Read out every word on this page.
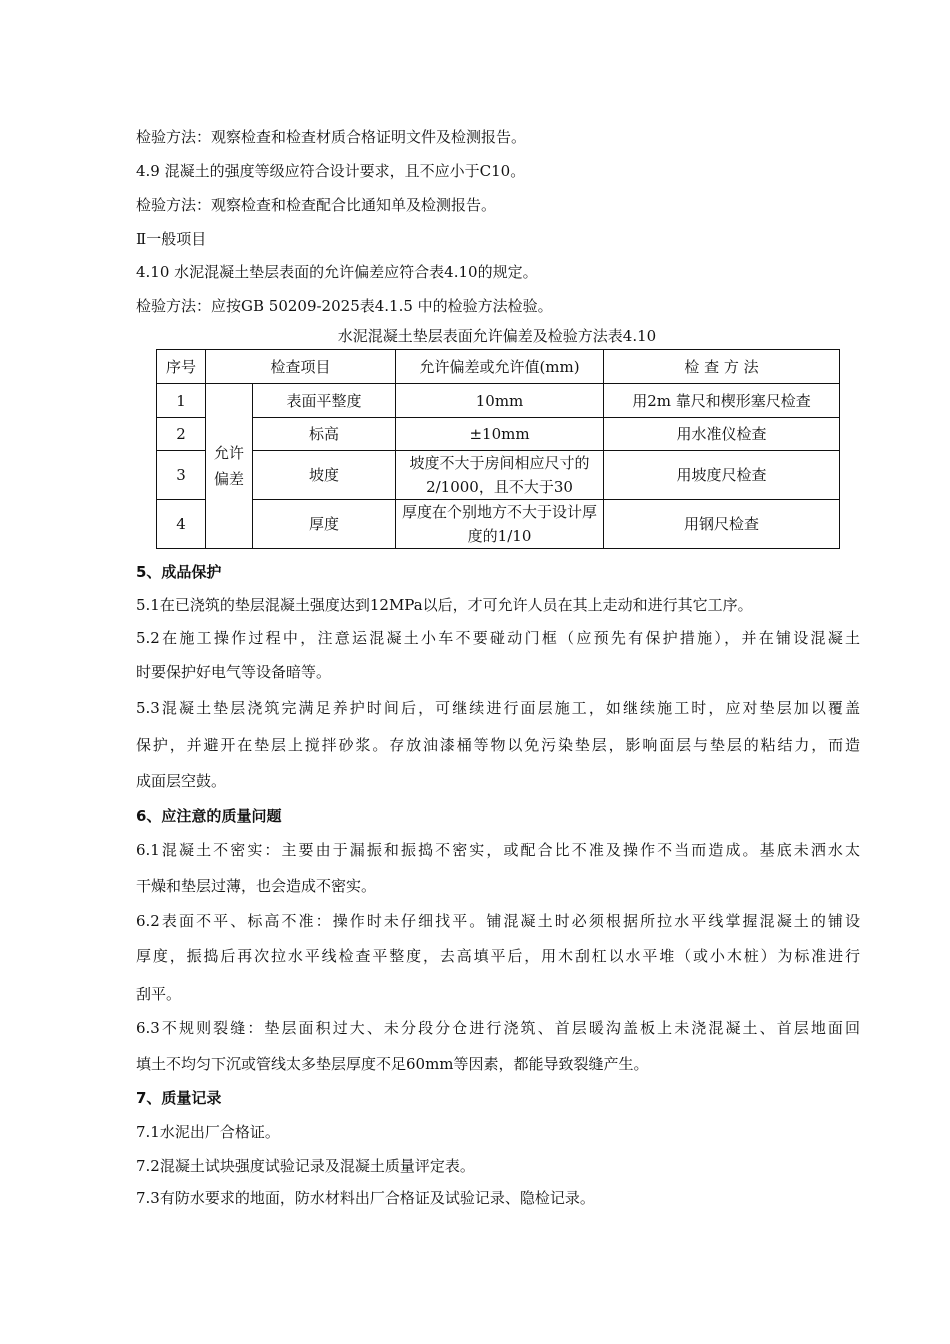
检验方法：观察检查和检查材质合格证明文件及检测报告。
4.9 混凝土的强度等级应符合设计要求，且不应小于C10。
检验方法：观察检查和检查配合比通知单及检测报告。
Ⅱ一般项目
4.10 水泥混凝土垫层表面的允许偏差应符合表4.10的规定。
检验方法：应按GB 50209-2025表4.1.5 中的检验方法检验。
水泥混凝土垫层表面允许偏差及检验方法表4.10
序号	检查项目		允许偏差或允许值(mm)	检 查 方 法
1	允许偏差	表面平整度	10mm	用2m 靠尺和楔形塞尺检查
2		标高	±10mm	用水准仪检查
3		坡度	坡度不大于房间相应尺寸的2/1000，且不大于30	用坡度尺检查
4		厚度	厚度在个别地方不大于设计厚度的1/10	用钢尺检查
5、成品保护
5.1在已浇筑的垫层混凝土强度达到12MPa以后，才可允许人员在其上走动和进行其它工序。
5.2在施工操作过程中，注意运混凝土小车不要碰动门框（应预先有保护措施），并在铺设混凝土
时要保护好电气等设备暗等。
5.3混凝土垫层浇筑完满足养护时间后，可继续进行面层施工，如继续施工时，应对垫层加以覆盖
保护，并避开在垫层上搅拌砂浆。存放油漆桶等物以免污染垫层，影响面层与垫层的粘结力，而造
成面层空鼓。
6、应注意的质量问题
6.1混凝土不密实：主要由于漏振和振捣不密实，或配合比不准及操作不当而造成。基底未洒水太
干燥和垫层过薄，也会造成不密实。
6.2表面不平、标高不准：操作时未仔细找平。铺混凝土时必须根据所拉水平线掌握混凝土的铺设
厚度，振捣后再次拉水平线检查平整度，去高填平后，用木刮杠以水平堆（或小木桩）为标准进行
刮平。
6.3不规则裂缝：垫层面积过大、未分段分仓进行浇筑、首层暖沟盖板上未浇混凝土、首层地面回
填土不均匀下沉或管线太多垫层厚度不足60mm等因素，都能导致裂缝产生。
7、质量记录
7.1水泥出厂合格证。
7.2混凝土试块强度试验记录及混凝土质量评定表。
7.3有防水要求的地面，防水材料出厂合格证及试验记录、隐检记录。
